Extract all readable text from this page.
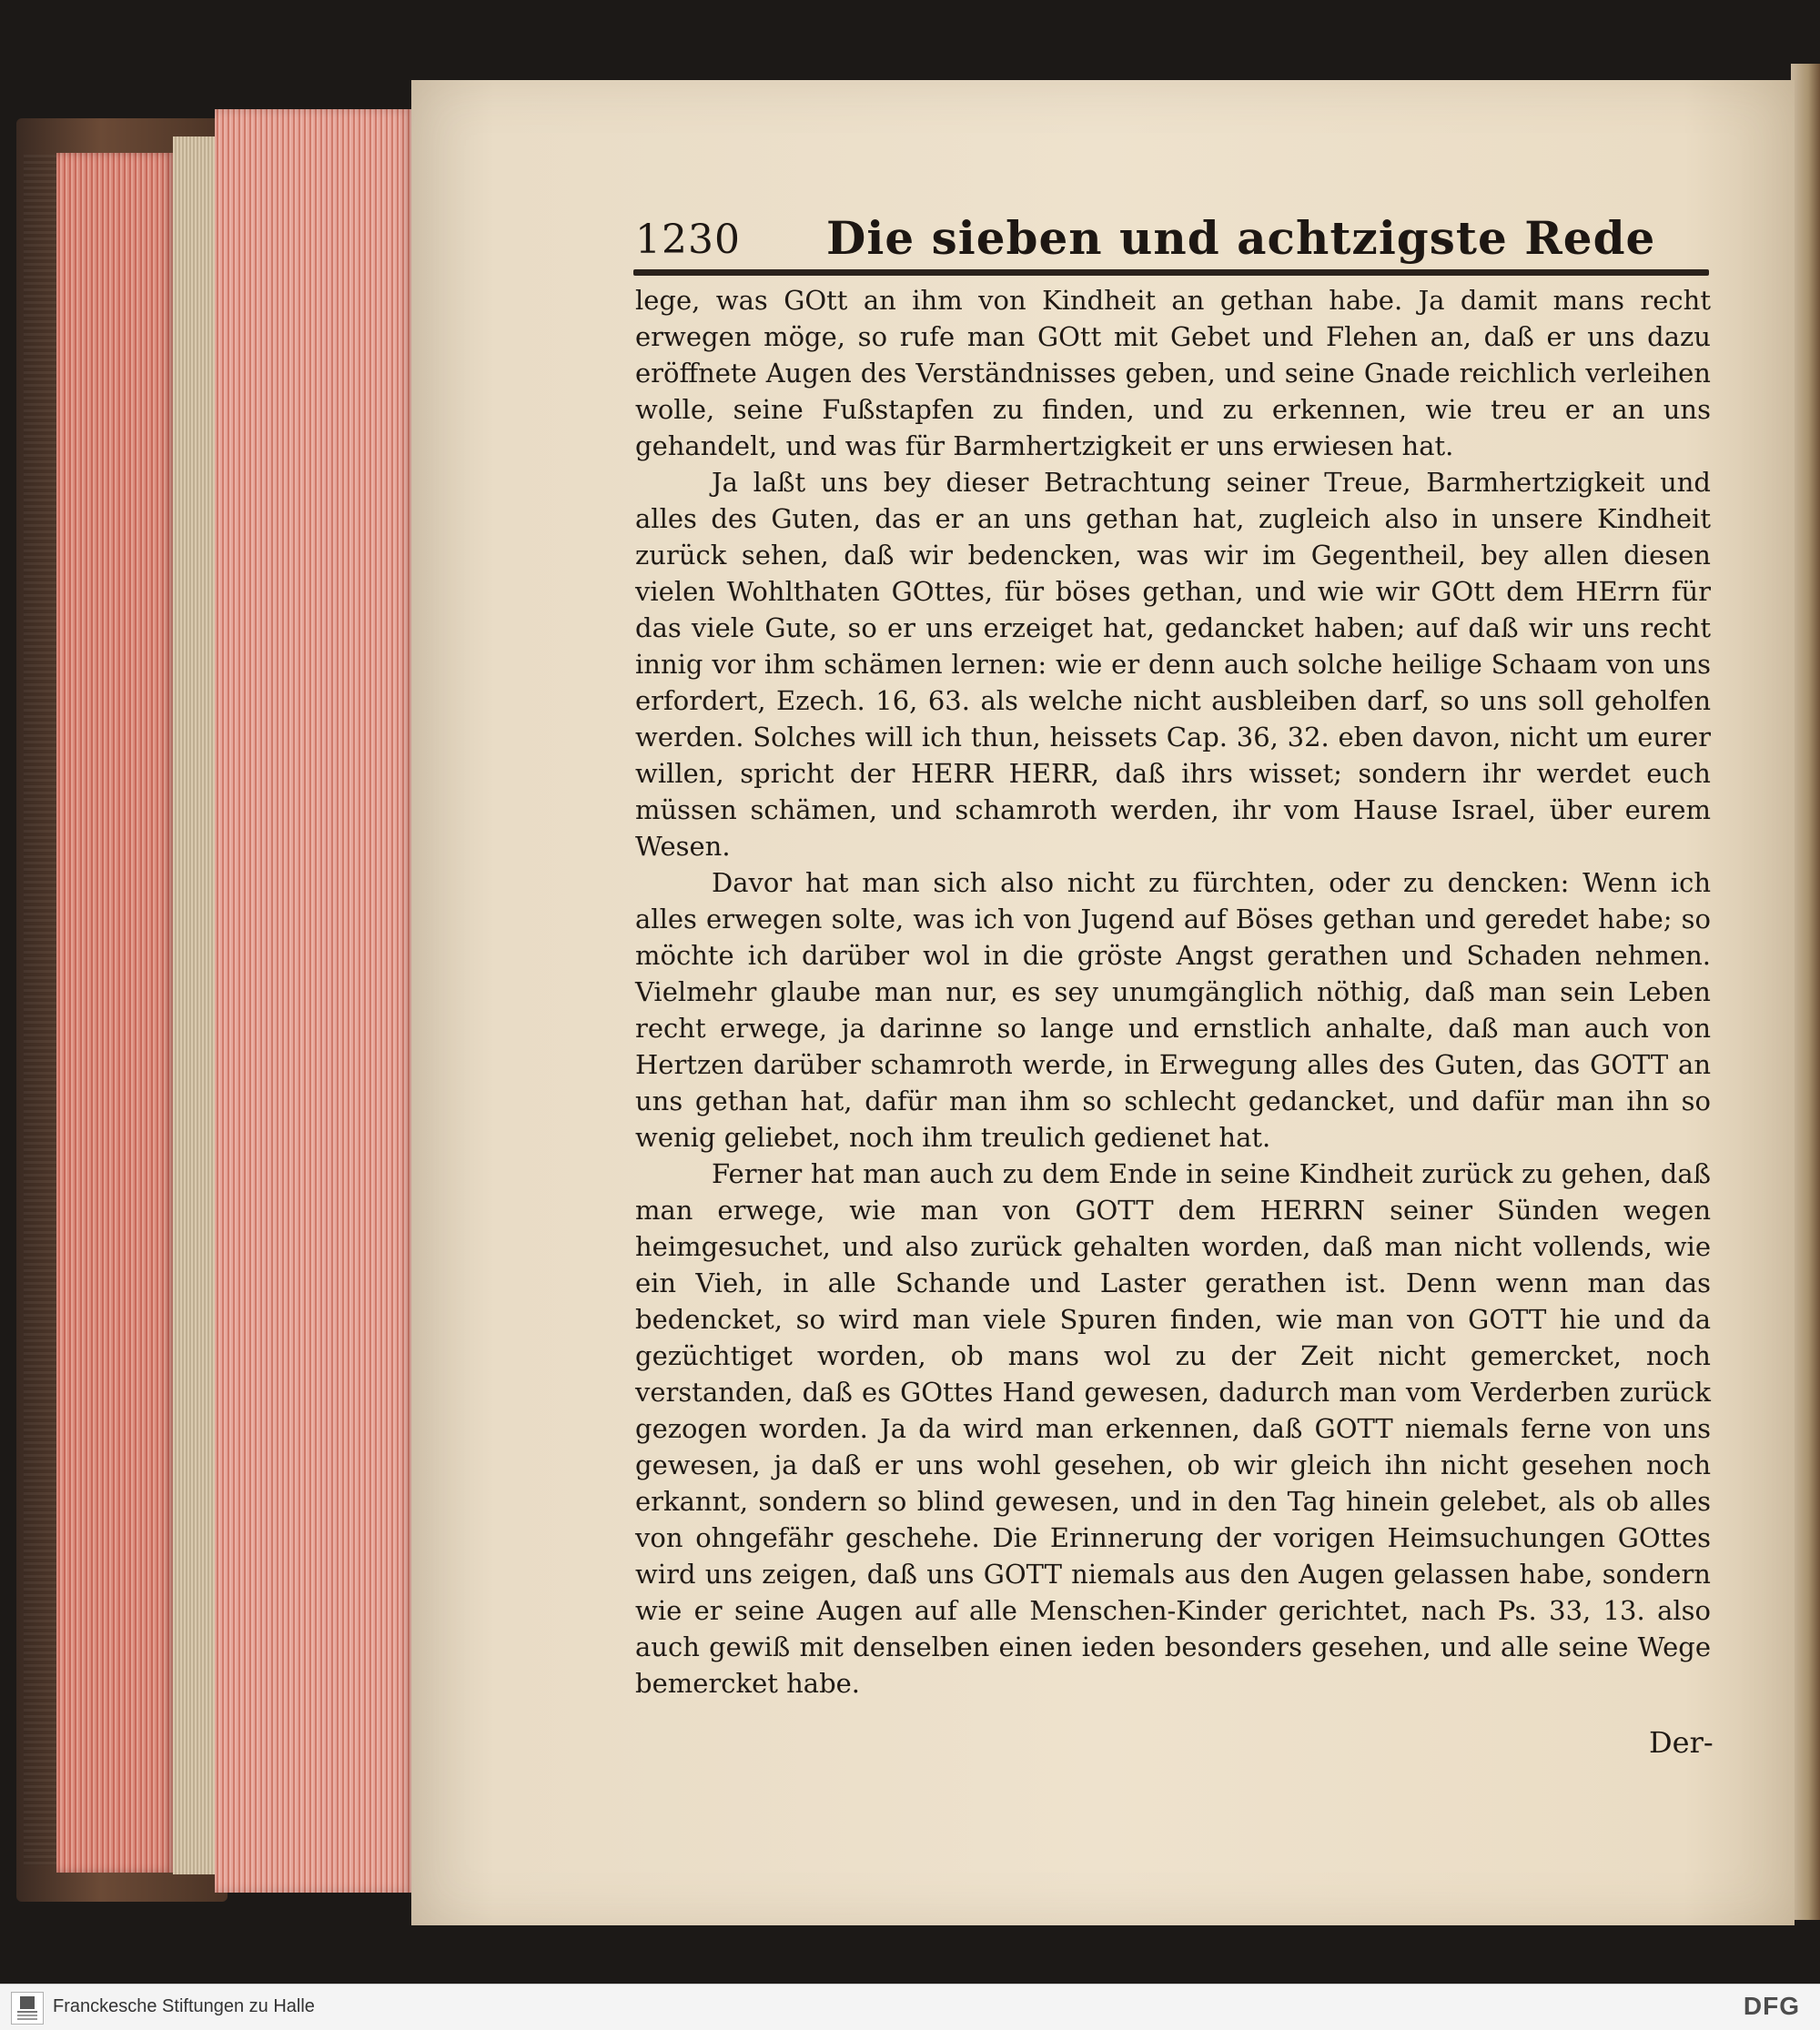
1230 Die sieben und achtzigste Rede

lege, was GOtt an ihm von Kindheit an gethan habe. Ja damit mans recht erwegen möge, so rufe man GOtt mit Gebet und Flehen an, daß er uns dazu eröffnete Augen des Verständnisses geben, und seine Gnade reichlich verleihen wolle, seine Fußstapfen zu finden, und zu erkennen, wie treu er an uns gehandelt, und was für Barmhertzigkeit er uns erwiesen hat.

Ja laßt uns bey dieser Betrachtung seiner Treue, Barmhertzigkeit und alles des Guten, das er an uns gethan hat, zugleich also in unsere Kindheit zurück sehen, daß wir bedencken, was wir im Gegentheil, bey allen diesen vielen Wohlthaten GOttes, für böses gethan, und wie wir GOtt dem HErrn für das viele Gute, so er uns erzeiget hat, gedancket haben; auf daß wir uns recht innig vor ihm schämen lernen: wie er denn auch solche heilige Schaam von uns erfordert, Ezech. 16, 63. als welche nicht ausbleiben darf, so uns soll geholfen werden. Solches will ich thun, heissets Cap. 36, 32. eben davon, nicht um eurer willen, spricht der HERR HERR, daß ihrs wisset; sondern ihr werdet euch müssen schämen, und schamroth werden, ihr vom Hause Israel, über eurem Wesen.

Davor hat man sich also nicht zu fürchten, oder zu dencken: Wenn ich alles erwegen solte, was ich von Jugend auf Böses gethan und geredet habe; so möchte ich darüber wol in die gröste Angst gerathen und Schaden nehmen. Vielmehr glaube man nur, es sey unumgänglich nöthig, daß man sein Leben recht erwege, ja darinne so lange und ernstlich anhalte, daß man auch von Hertzen darüber schamroth werde, in Erwegung alles des Guten, das GOTT an uns gethan hat, dafür man ihm so schlecht gedancket, und dafür man ihn so wenig geliebet, noch ihm treulich gedienet hat.

Ferner hat man auch zu dem Ende in seine Kindheit zurück zu gehen, daß man erwege, wie man von GOTT dem HERRN seiner Sünden wegen heimgesuchet, und also zurück gehalten worden, daß man nicht vollends, wie ein Vieh, in alle Schande und Laster gerathen ist. Denn wenn man das bedencket, so wird man viele Spuren finden, wie man von GOTT hie und da gezüchtiget worden, ob mans wol zu der Zeit nicht gemercket, noch verstanden, daß es GOttes Hand gewesen, dadurch man vom Verderben zurück gezogen worden. Ja da wird man erkennen, daß GOTT niemals ferne von uns gewesen, ja daß er uns wohl gesehen, ob wir gleich ihn nicht gesehen noch erkannt, sondern so blind gewesen, und in den Tag hinein gelebet, als ob alles von ohngefähr geschehe. Die Erinnerung der vorigen Heimsuchungen GOttes wird uns zeigen, daß uns GOTT niemals aus den Augen gelassen habe, sondern wie er seine Augen auf alle Menschen-Kinder gerichtet, nach Ps. 33, 13. also auch gewiß mit denselben einen ieden besonders gesehen, und alle seine Wege bemercket habe.

Der-
Franckesche Stiftungen zu Halle	DFG
